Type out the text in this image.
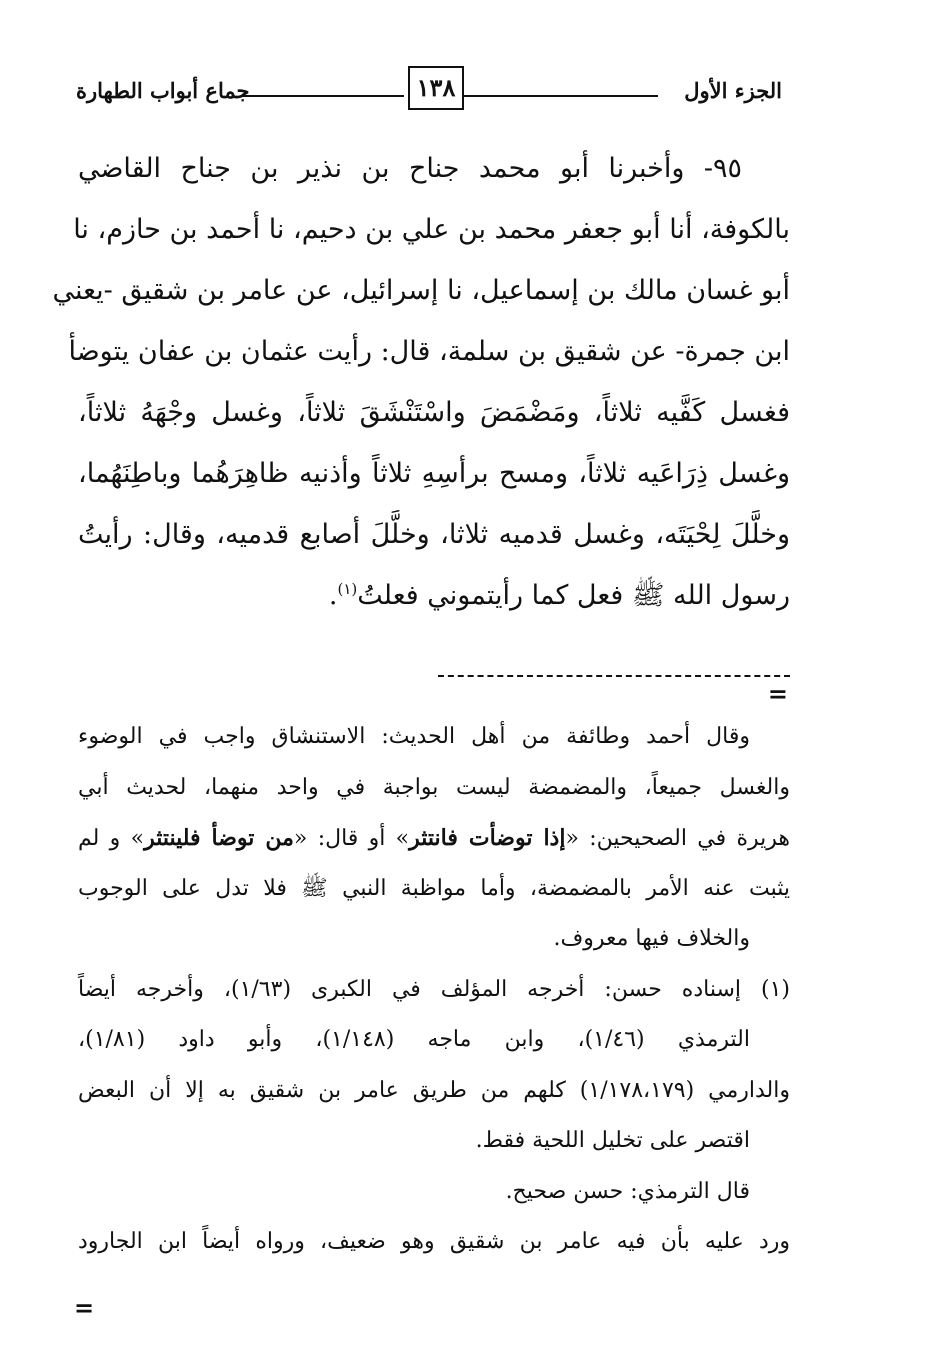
الجزء الأول
١٣٨
جماع أبواب الطهارة
٩٥- وأخبرنا أبو محمد جناح بن نذير بن جناح القاضي
بالكوفة، أنا أبو جعفر محمد بن علي بن دحيم، نا أحمد بن حازم، نا
أبو غسان مالك بن إسماعيل، نا إسرائيل، عن عامر بن شقيق -يعني
ابن جمرة- عن شقيق بن سلمة، قال: رأيت عثمان بن عفان يتوضأ
فغسل كَفَّيه ثلاثاً، ومَضْمَضَ واسْتَنْشَقَ ثلاثاً، وغسل وجْهَهُ ثلاثاً،
وغسل ذِرَاعَيه ثلاثاً، ومسح برأسِهِ ثلاثاً وأذنيه ظاهِرَهُما وباطِنَهُما،
وخلَّلَ لِحْيَتَه، وغسل قدميه ثلاثا، وخلَّلَ أصابع قدميه، وقال: رأيتُ
رسول الله ﷺ فعل كما رأيتموني فعلتُ$^{(١)}$.
=
وقال أحمد وطائفة من أهل الحديث: الاستنشاق واجب في الوضوء
والغسل جميعاً، والمضمضة ليست بواجبة في واحد منهما، لحديث أبي
هريرة في الصحيحين: «إذا توضأت فانتثر» أو قال: «من توضأ فلينتثر» و لم
يثبت عنه الأمر بالمضمضة، وأما مواظبة النبي ﷺ فلا تدل على الوجوب
والخلاف فيها معروف.
(١) إسناده حسن: أخرجه المؤلف في الكبرى (١/٦٣)، وأخرجه أيضاً
الترمذي (١/٤٦)، وابن ماجه (١/١٤٨)، وأبو داود (١/٨١)،
والدارمي (١/١٧٨،١٧٩) كلهم من طريق عامر بن شقيق به إلا أن البعض
اقتصر على تخليل اللحية فقط.
قال الترمذي: حسن صحيح.
ورد عليه بأن فيه عامر بن شقيق وهو ضعيف، ورواه أيضاً ابن الجارود
=
